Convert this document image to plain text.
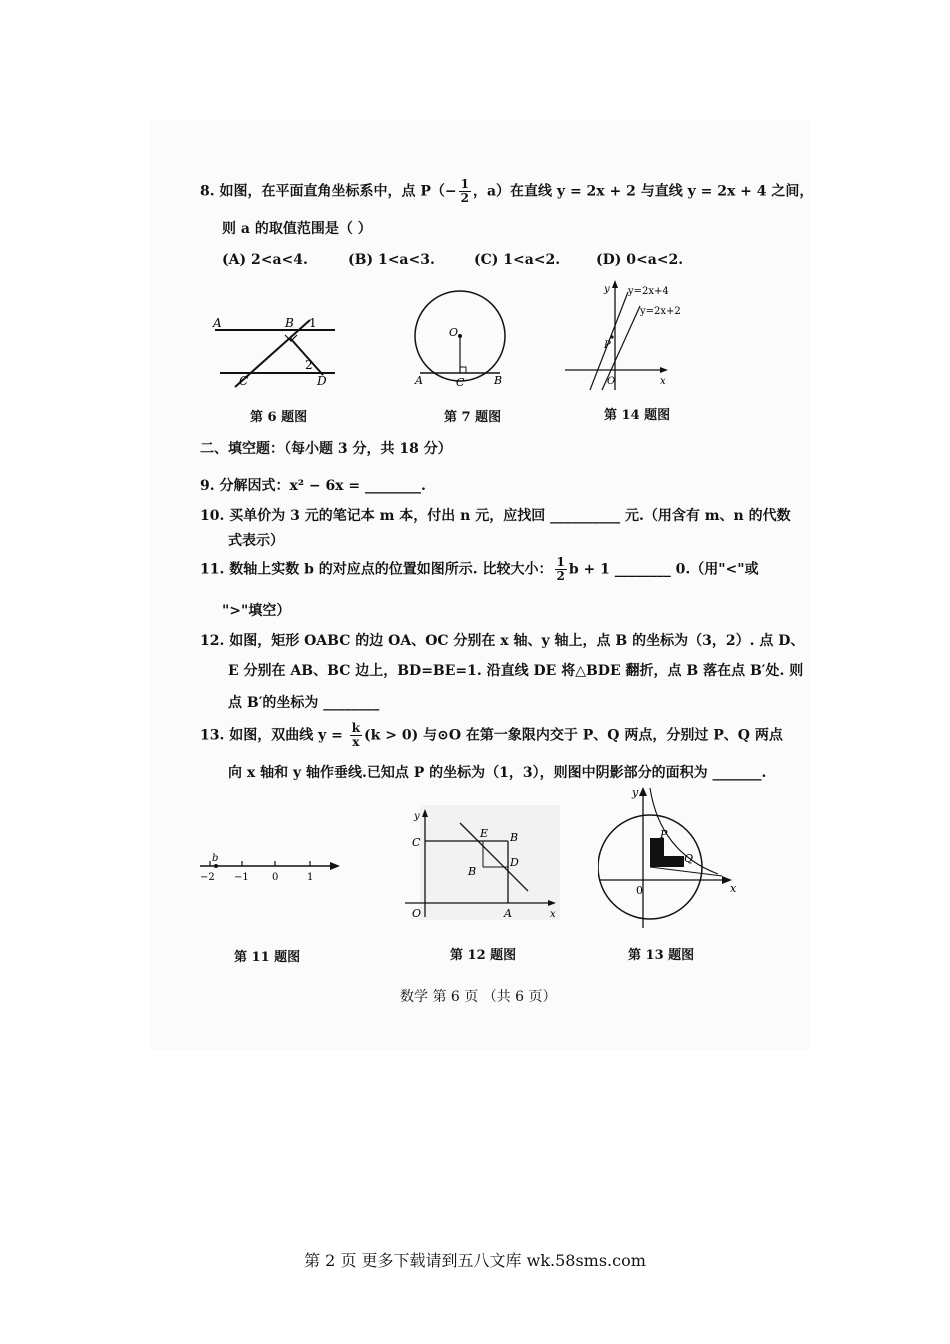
8. 如图，在平面直角坐标系中，点 $P(- \frac{1}{2}$ ，a）在直线 y = 2x + 2 与直线 y = 2x + 4 之间，
则 a 的取值范围是（ ）
(A) 2<a<4.	(B) 1<a<3.	(C) 1<a<2.	(D) 0<a<2.
A	B
C	D
1
2
O
A	B
C
y
x
O
P
y=2x+4
y=2x+2
第 6 题图	第 7 题图	第 14 题图
二、填空题：（每小题 3 分，共 18 分）
9. 分解因式：x² − 6x = ________.
10. 买单价为 3 元的笔记本 m 本，付出 n 元，应找回 __________ 元.（用含有 m、n 的代数
式表示）
11. 数轴上实数 b 的对应点的位置如图所示. 比较大小： $\frac{1}{2}$ b + 1 ________ 0.（用"<"或
">"填空）
12. 如图，矩形 OABC 的边 OA、OC 分别在 x 轴、y 轴上，点 B 的坐标为（3，2）. 点 D、
E 分别在 AB、BC 边上，BD=BE=1. 沿直线 DE 将△BDE 翻折，点 B 落在点 B′处. 则
点 B′的坐标为 ________
13. 如图，双曲线 $y = \frac{k}{x} (k > 0)$ 与⊙O 在第一象限内交于 P、Q 两点，分别过 P、Q 两点
向 x 轴和 y 轴作垂线.已知点 P 的坐标为（1，3），则图中阴影部分的面积为 _______.
b
−2 −1 0	1
y
x
O	A
B
B
C
D
E
y
x
0
P
Q
第 11 题图	第 12 题图	第 13 题图
数学 第 6 页 （共 6 页）
第 2 页 更多下载请到五八文库 wk.58sms.com
